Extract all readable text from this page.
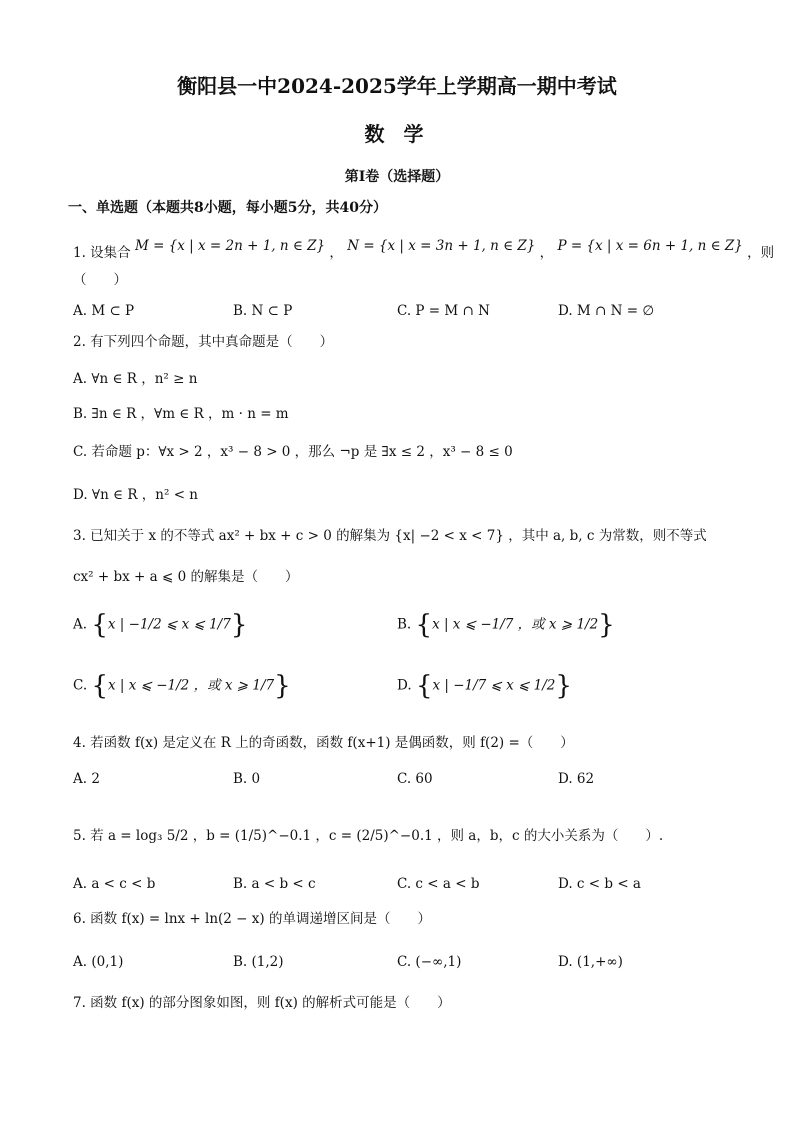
衡阳县一中2024-2025学年上学期高一期中考试
数 学
第Ⅰ卷（选择题）
一、单选题（本题共8小题，每小题5分，共40分）
1. 设集合 M = {x | x = 2n + 1, n ∈ Z} ， N = {x | x = 3n + 1, n ∈ Z} ， P = {x | x = 6n + 1, n ∈ Z} ，则
（　　）
A. M ⊂ P	B. N ⊂ P	C. P = M ∩ N	D. M ∩ N = ∅
2. 有下列四个命题，其中真命题是（　　）
A. ∀n ∈ R ，n² ≥ n
B. ∃n ∈ R ，∀m ∈ R ，m · n = m
C. 若命题 p：∀x > 2 ，x³ − 8 > 0 ，那么 ¬p 是 ∃x ≤ 2 ，x³ − 8 ≤ 0
D. ∀n ∈ R ，n² < n
3. 已知关于 x 的不等式 ax² + bx + c > 0 的解集为 {x| −2 < x < 7} ，其中 a, b, c 为常数，则不等式
cx² + bx + a ⩽ 0 的解集是（　　）
A. {x | −1/2 ⩽ x ⩽ 1/7}	B. {x | x ⩽ −1/7 ，或 x ⩾ 1/2}
C. {x | x ⩽ −1/2 ，或 x ⩾ 1/7}	D. {x | −1/7 ⩽ x ⩽ 1/2}
4. 若函数 f(x) 是定义在 R 上的奇函数，函数 f(x+1) 是偶函数，则 f(2) =（　　）
A. 2	B. 0	C. 60	D. 62
5. 若 a = log₃ 5/2 ，b = (1/5)^−0.1 ，c = (2/5)^−0.1 ，则 a，b，c 的大小关系为（　　）.
A. a < c < b	B. a < b < c	C. c < a < b	D. c < b < a
6. 函数 f(x) = lnx + ln(2 − x) 的单调递增区间是（　　）
A. (0,1)	B. (1,2)	C. (−∞,1)	D. (1,+∞)
7. 函数 f(x) 的部分图象如图，则 f(x) 的解析式可能是（　　）
